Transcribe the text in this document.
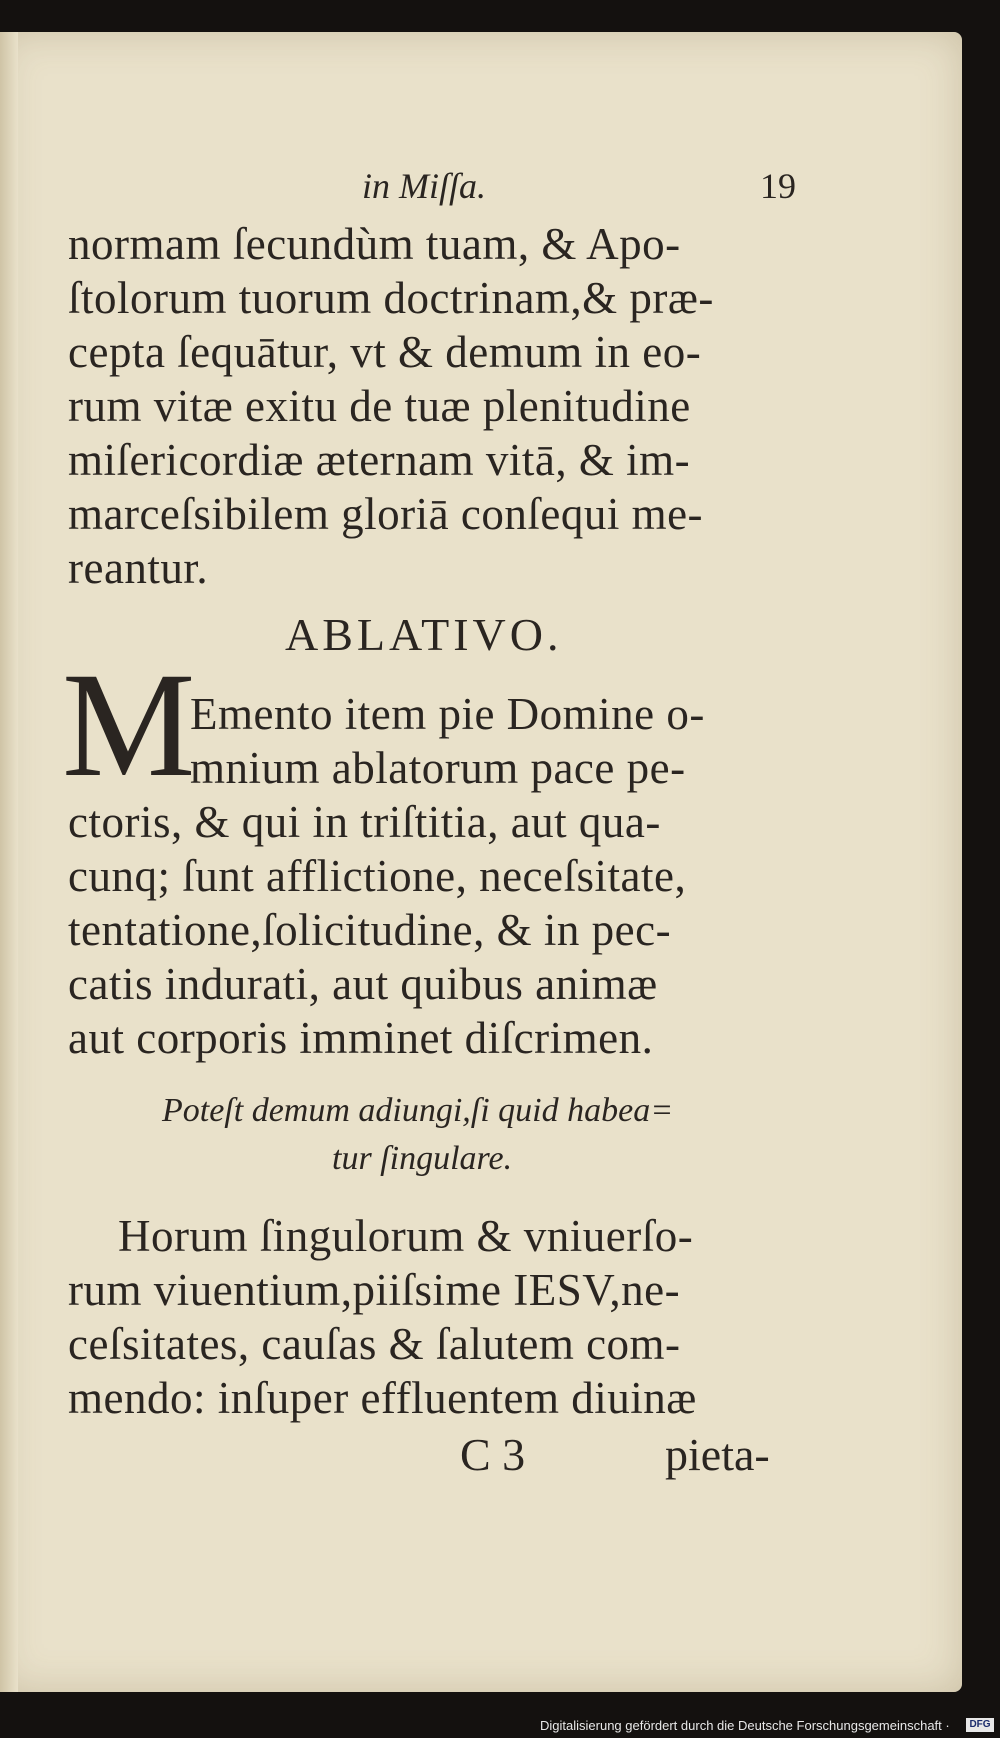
in Miſſa.	19
normam ſecundùm tuam, & Apo-
ſtolorum tuorum doctrinam,& præ-
cepta ſequātur, vt & demum in eo-
rum vitæ exitu de tuæ plenitudine
miſericordiæ æternam vitā, & im-
marceſsibilem gloriā conſequi me-
reantur.
ABLATIVO.
M
Emento item pie Domine o-
mnium ablatorum pace pe-
ctoris, & qui in triſtitia, aut qua-
cunq; ſunt afflictione, neceſsitate,
tentatione,ſolicitudine, & in pec-
catis indurati, aut quibus animæ
aut corporis imminet diſcrimen.
Poteſt demum adiungi,ſi quid habea=
tur ſingulare.
Horum ſingulorum & vniuerſo-
rum viuentium,piiſsime IESV,ne-
ceſsitates, cauſas & ſalutem com-
mendo: inſuper effluentem diuinæ
C 3	pieta-
Digitalisierung gefördert durch die Deutsche Forschungsgemeinschaft ·	DFG
